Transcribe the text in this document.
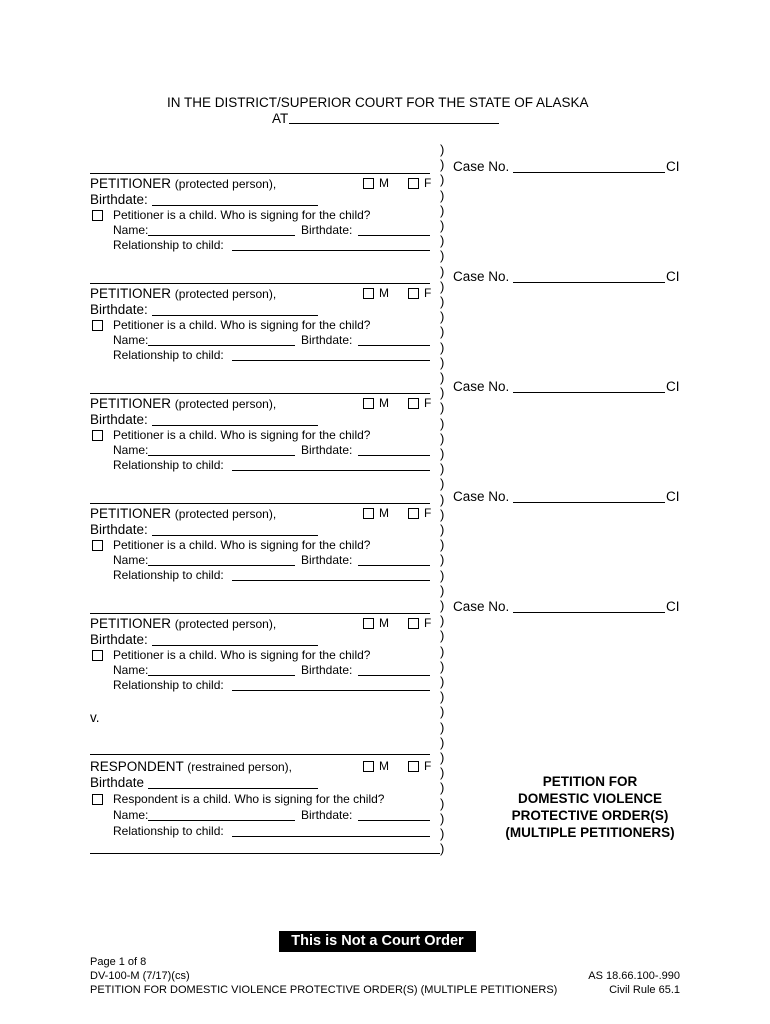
IN THE DISTRICT/SUPERIOR COURT FOR THE STATE OF ALASKA
AT
)
)
)
)
)
)
)
)
)
)
)
)
)
)
)
)
)
)
)
)
)
)
)
)
)
)
)
)
)
)
)
)
)
)
)
)
)
)
)
)
)
)
)
)
)
)
)
PETITIONER (protected person),	M	F
Birthdate:
Petitioner is a child. Who is signing for the child?
Name:	Birthdate:
Relationship to child:
Case No.	CI
PETITIONER (protected person),	M	F
Birthdate:
Petitioner is a child. Who is signing for the child?
Name:	Birthdate:
Relationship to child:
Case No.	CI
PETITIONER (protected person),	M	F
Birthdate:
Petitioner is a child. Who is signing for the child?
Name:	Birthdate:
Relationship to child:
Case No.	CI
PETITIONER (protected person),	M	F
Birthdate:
Petitioner is a child. Who is signing for the child?
Name:	Birthdate:
Relationship to child:
Case No.	CI
PETITIONER (protected person),	M	F
Birthdate:
Petitioner is a child. Who is signing for the child?
Name:	Birthdate:
Relationship to child:
Case No.	CI
v.
RESPONDENT (restrained person),	M	F
Birthdate
Respondent is a child. Who is signing for the child?
Name:	Birthdate:
Relationship to child:
PETITION FOR
DOMESTIC VIOLENCE
PROTECTIVE ORDER(S)
(MULTIPLE PETITIONERS)
This is Not a Court Order
Page 1 of 8
DV-100-M (7/17)(cs)
PETITION FOR DOMESTIC VIOLENCE PROTECTIVE ORDER(S) (MULTIPLE PETITIONERS)
AS 18.66.100-.990
Civil Rule 65.1
